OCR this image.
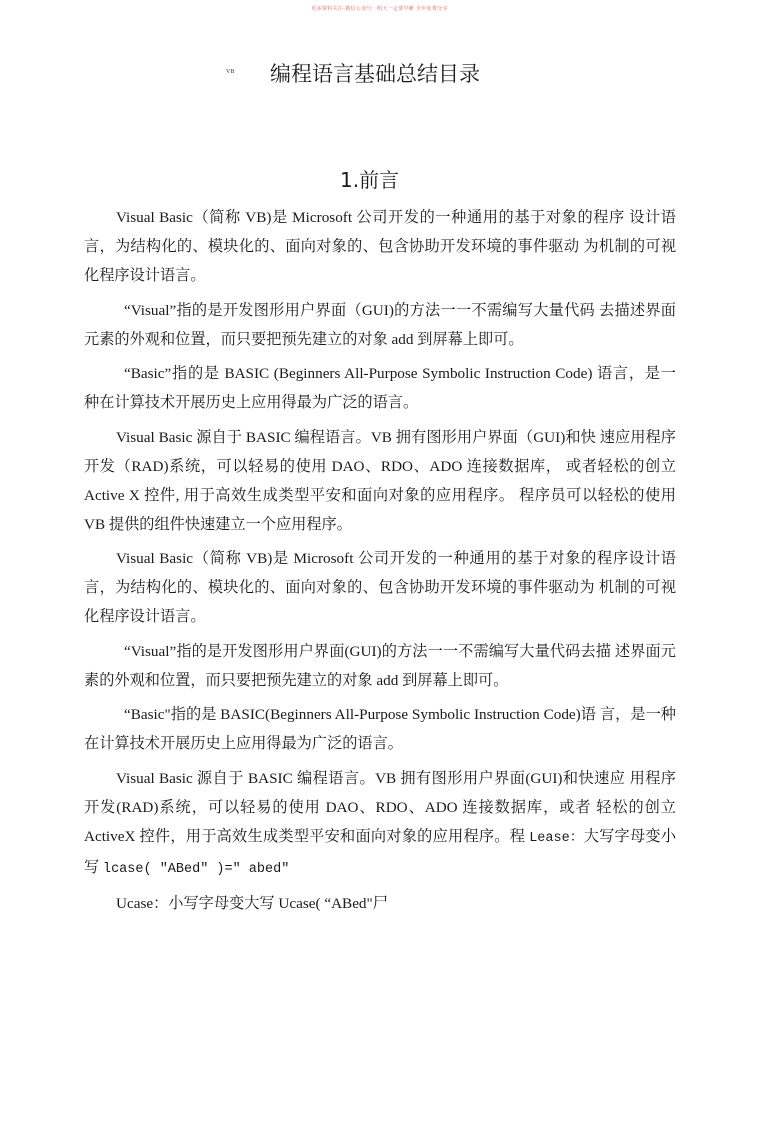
更多资料关注-微信公众号：明天一定要早睡 全年免费分享
VB 编程语言基础总结目录
1.前言

Visual Basic（简称 VB)是 Microsoft 公司开发的一种通用的基于对象的程序 设计语言，为结构化的、模块化的、面向对象的、包含协助开发环境的事件驱动 为机制的可视化程序设计语言。

“Visual”指的是开发图形用户界面（GUI)的方法一一不需编写大量代码 去描述界面元素的外观和位置，而只要把预先建立的对象 add 到屏幕上即可。

“Basic”指的是 BASIC (Beginners All-Purpose Symbolic Instruction Code) 语言，是一种在计算技术开展历史上应用得最为广泛的语言。

Visual Basic 源自于 BASIC 编程语言。VB 拥有图形用户界面（GUI)和快 速应用程序开发（RAD)系统，可以轻易的使用 DAO、RDO、ADO 连接数据库， 或者轻松的创立 Active X 控件, 用于高效生成类型平安和面向对象的应用程序。 程序员可以轻松的使用 VB 提供的组件快速建立一个应用程序。

Visual Basic（简称 VB)是 Microsoft 公司开发的一种通用的基于对象的程序设计语言，为结构化的、模块化的、面向对象的、包含协助开发环境的事件驱动为 机制的可视化程序设计语言。

“Visual”指的是开发图形用户界面(GUI)的方法一一不需编写大量代码去描 述界面元素的外观和位置，而只要把预先建立的对象 add 到屏幕上即可。

“Basic"指的是 BASIC(Beginners All-Purpose Symbolic Instruction Code)语 言，是一种在计算技术开展历史上应用得最为广泛的语言。

Visual Basic 源自于 BASIC 编程语言。VB 拥有图形用户界面(GUI)和快速应 用程序开发(RAD)系统，可以轻易的使用 DAO、RDO、ADO 连接数据库，或者 轻松的创立 ActiveX 控件，用于高效生成类型平安和面向对象的应用程序。程 Lease：大写字母变小写 lcase( "ABed" )=" abed"

Ucase：小写字母变大写 Ucase( “ABed"尸
